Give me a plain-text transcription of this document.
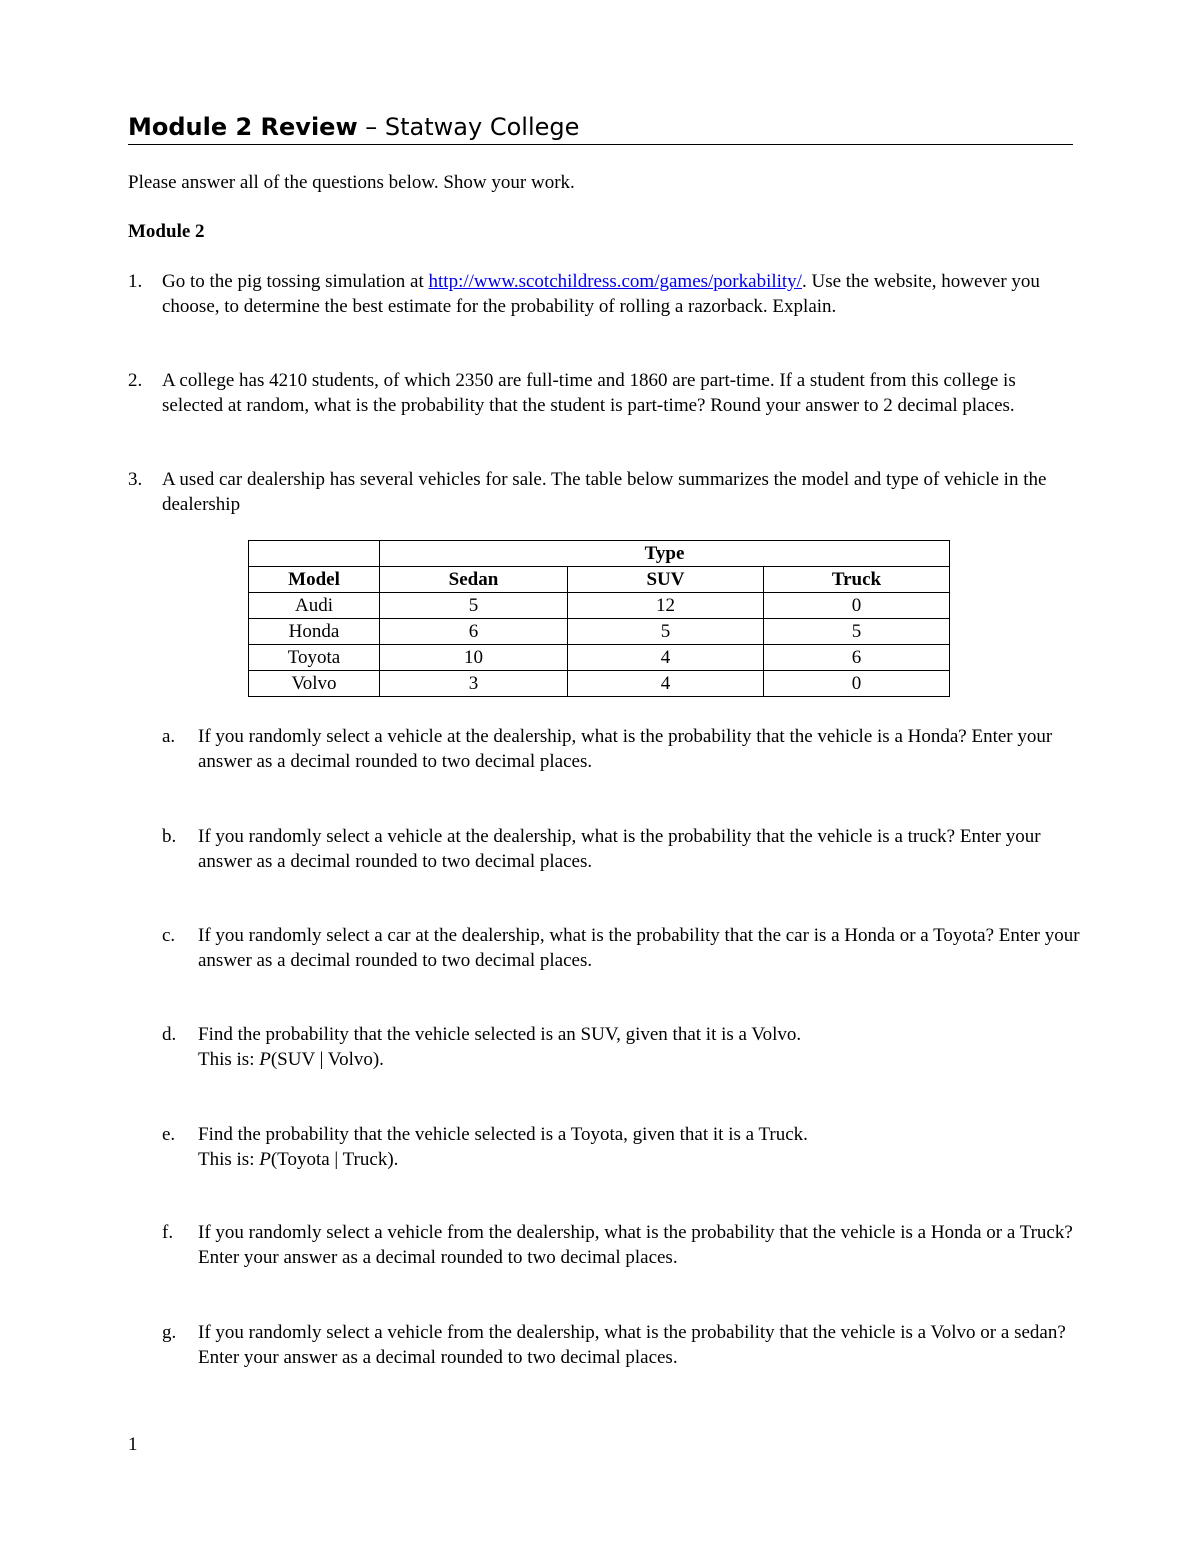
Module 2 Review – Statway College
Please answer all of the questions below. Show your work.
Module 2
1. Go to the pig tossing simulation at http://www.scotchildress.com/games/porkability/. Use the website, however you choose, to determine the best estimate for the probability of rolling a razorback. Explain.
2. A college has 4210 students, of which 2350 are full-time and 1860 are part-time. If a student from this college is selected at random, what is the probability that the student is part-time? Round your answer to 2 decimal places.
3. A used car dealership has several vehicles for sale. The table below summarizes the model and type of vehicle in the dealership
	Type		
Model	Sedan	SUV	Truck
Audi	5	12	0
Honda	6	5	5
Toyota	10	4	6
Volvo	3	4	0
a. If you randomly select a vehicle at the dealership, what is the probability that the vehicle is a Honda? Enter your answer as a decimal rounded to two decimal places.
b. If you randomly select a vehicle at the dealership, what is the probability that the vehicle is a truck? Enter your answer as a decimal rounded to two decimal places.
c. If you randomly select a car at the dealership, what is the probability that the car is a Honda or a Toyota? Enter your answer as a decimal rounded to two decimal places.
d. Find the probability that the vehicle selected is an SUV, given that it is a Volvo.
This is: P(SUV | Volvo).
e. Find the probability that the vehicle selected is a Toyota, given that it is a Truck.
This is: P(Toyota | Truck).
f. If you randomly select a vehicle from the dealership, what is the probability that the vehicle is a Honda or a Truck? Enter your answer as a decimal rounded to two decimal places.
g. If you randomly select a vehicle from the dealership, what is the probability that the vehicle is a Volvo or a sedan? Enter your answer as a decimal rounded to two decimal places.
1
